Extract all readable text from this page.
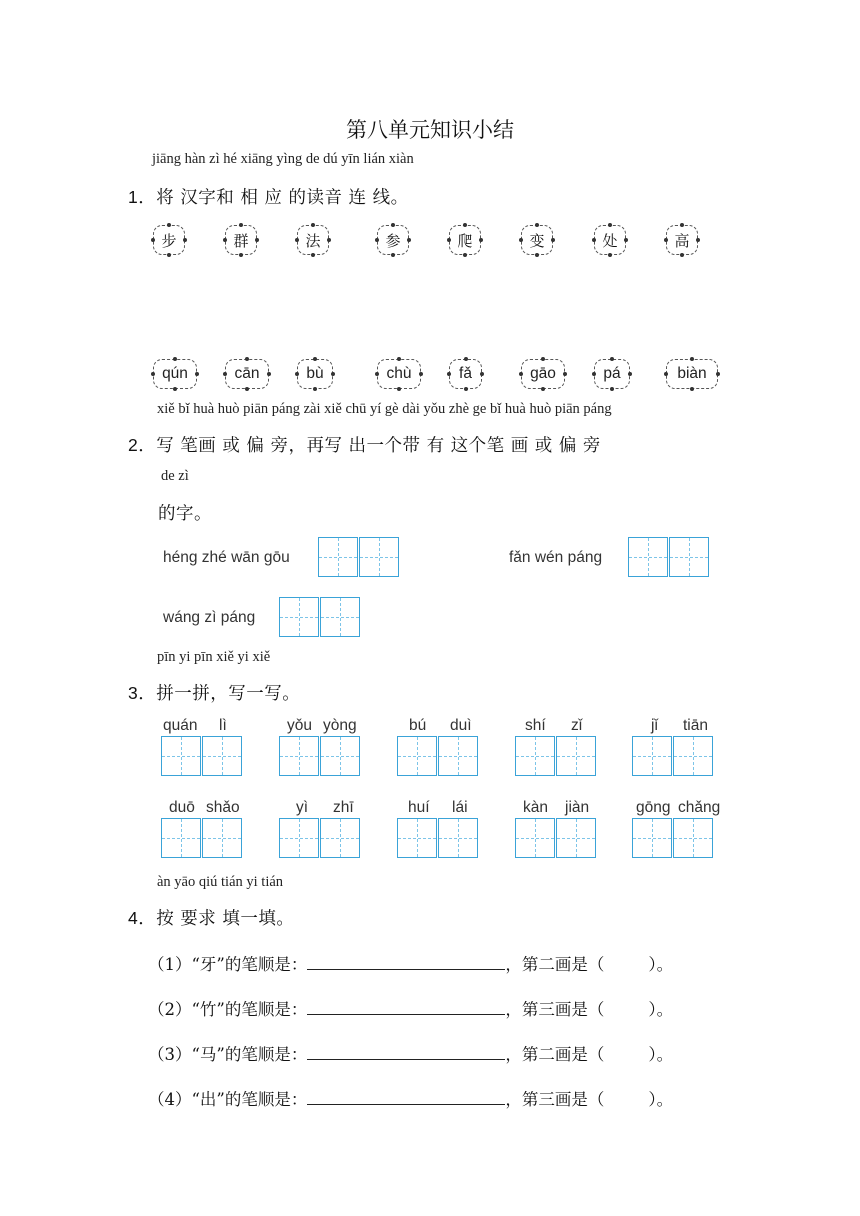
第八单元知识小结
jiāng hàn zì hé xiāng yìng de dú yīn lián xiàn
1．将 汉字和 相 应 的读音 连 线。
步	群	法	参	爬	变	处	高
qún	cān	bù	chù	fǎ	gāo	pá	biàn
xiě bǐ huà huò piān páng zài xiě chū yí gè dài yǒu zhè ge bǐ huà huò piān páng
2．写 笔画 或 偏 旁，再写 出一个带 有 这个笔 画 或 偏 旁
de zì
的字。
héng zhé wān gōu	fǎn wén páng
wáng zì páng
pīn yi pīn xiě yi xiě
3．拼一拼，写一写。
quán lì	yǒu yòng	bú duì	shí zǐ	jǐ tiān
duō shǎo	yì zhī	huí lái	kàn jiàn	gōng chǎng
àn yāo qiú tián yi tián
4．按 要求 填一填。
（1）“牙”的笔顺是：	，第二画是（	）。
（2）“竹”的笔顺是：	，第三画是（	）。
（3）“马”的笔顺是：	，第二画是（	）。
（4）“出”的笔顺是：	，第三画是（	）。
